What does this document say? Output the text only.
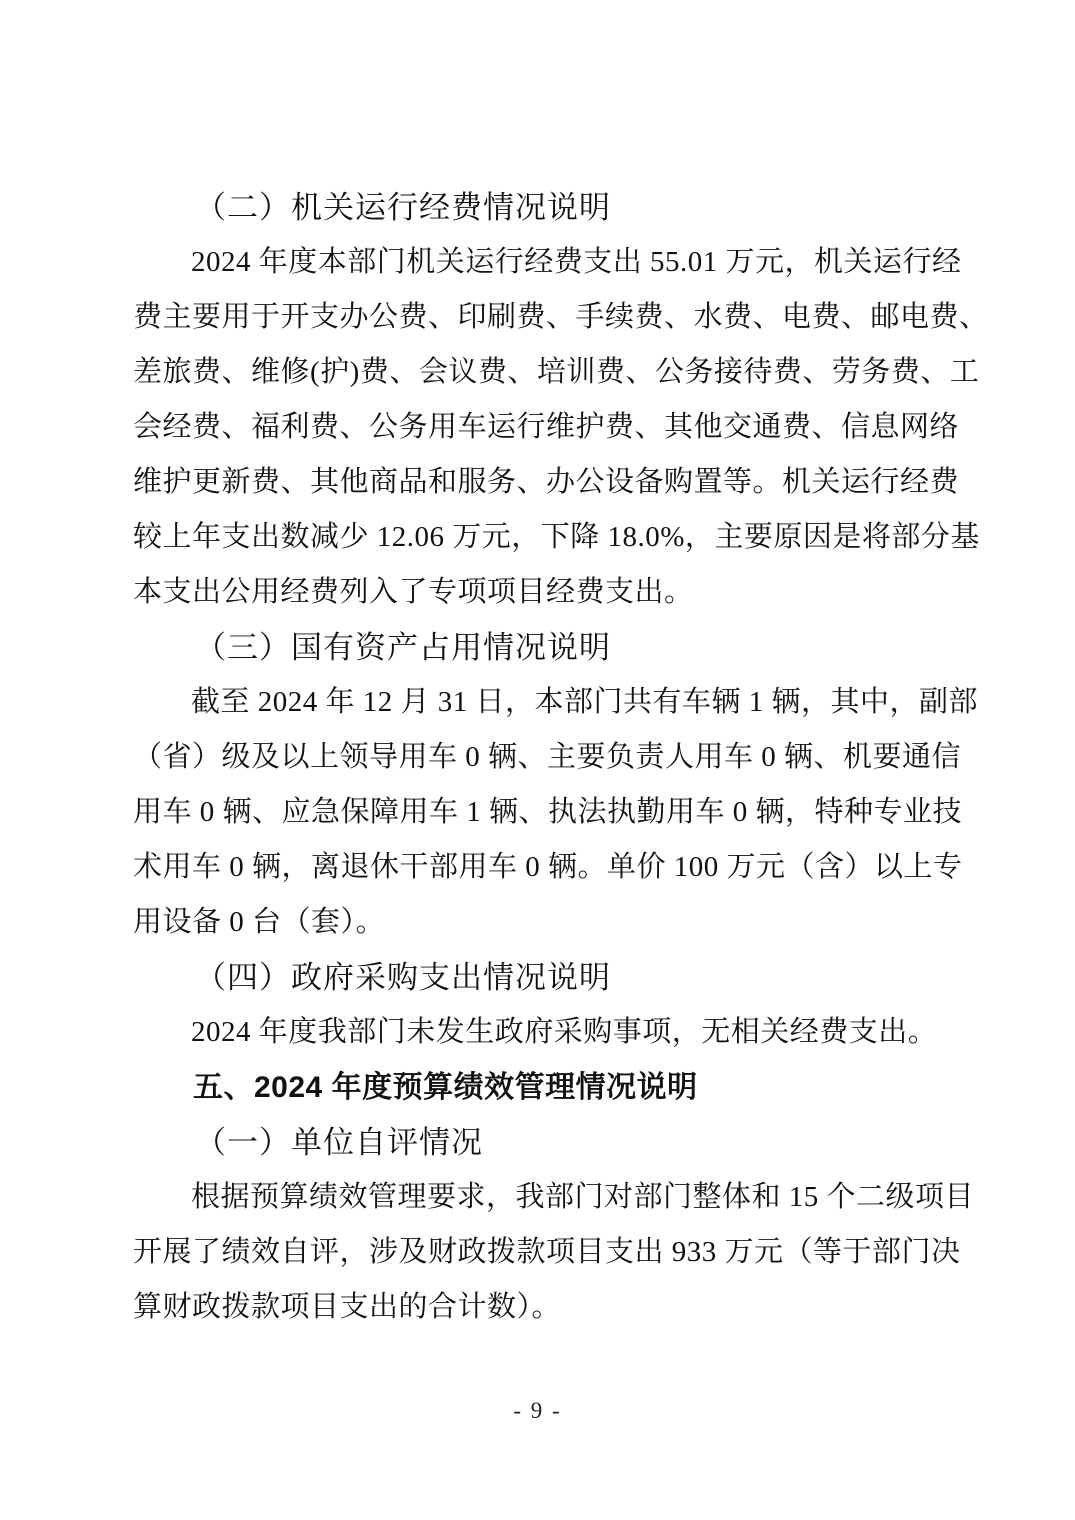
（二）机关运行经费情况说明
2024 年度本部门机关运行经费支出 55.01 万元，机关运行经
费主要用于开支办公费、印刷费、手续费、水费、电费、邮电费、
差旅费、维修(护)费、会议费、培训费、公务接待费、劳务费、工
会经费、福利费、公务用车运行维护费、其他交通费、信息网络
维护更新费、其他商品和服务、办公设备购置等。机关运行经费
较上年支出数减少 12.06 万元，下降 18.0%，主要原因是将部分基
本支出公用经费列入了专项项目经费支出。
（三）国有资产占用情况说明
截至 2024 年 12 月 31 日，本部门共有车辆 1 辆，其中，副部
（省）级及以上领导用车 0 辆、主要负责人用车 0 辆、机要通信
用车 0 辆、应急保障用车 1 辆、执法执勤用车 0 辆，特种专业技
术用车 0 辆，离退休干部用车 0 辆。单价 100 万元（含）以上专
用设备 0 台（套）。
（四）政府采购支出情况说明
2024 年度我部门未发生政府采购事项，无相关经费支出。
五、2024 年度预算绩效管理情况说明
（一）单位自评情况
根据预算绩效管理要求，我部门对部门整体和 15 个二级项目
开展了绩效自评，涉及财政拨款项目支出 933 万元（等于部门决
算财政拨款项目支出的合计数）。
- 9 -
